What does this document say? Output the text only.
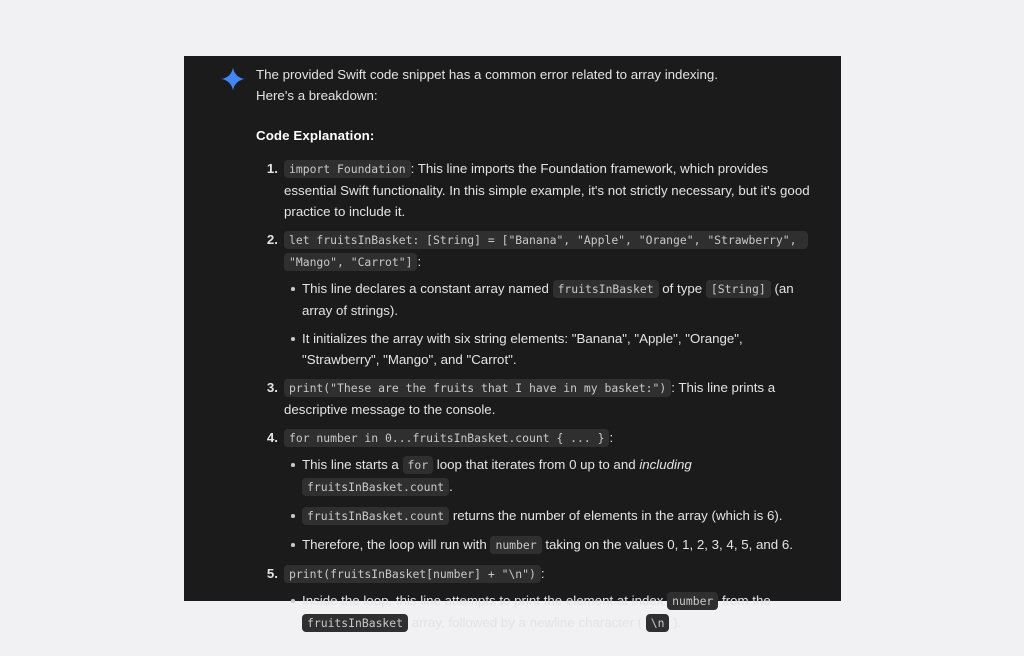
The provided Swift code snippet has a common error related to array indexing. Here's a breakdown:

Code Explanation:
import Foundation : This line imports the Foundation framework, which provides essential Swift functionality. In this simple example, it's not strictly necessary, but it's good practice to include it.
let fruitsInBasket: [String] = ["Banana", "Apple", "Orange", "Strawberry", "Mango", "Carrot"] :
This line declares a constant array named fruitsInBasket of type [String] (an array of strings).
It initializes the array with six string elements: "Banana", "Apple", "Orange", "Strawberry", "Mango", and "Carrot".
print("These are the fruits that I have in my basket:") : This line prints a descriptive message to the console.
for number in 0...fruitsInBasket.count { ... } :
This line starts a for loop that iterates from 0 up to and including fruitsInBasket.count .
fruitsInBasket.count returns the number of elements in the array (which is 6).
Therefore, the loop will run with number taking on the values 0, 1, 2, 3, 4, 5, and 6.
print(fruitsInBasket[number] + "\n") :
Inside the loop, this line attempts to print the element at index number from the fruitsInBasket array, followed by a newline character ( \n ).
